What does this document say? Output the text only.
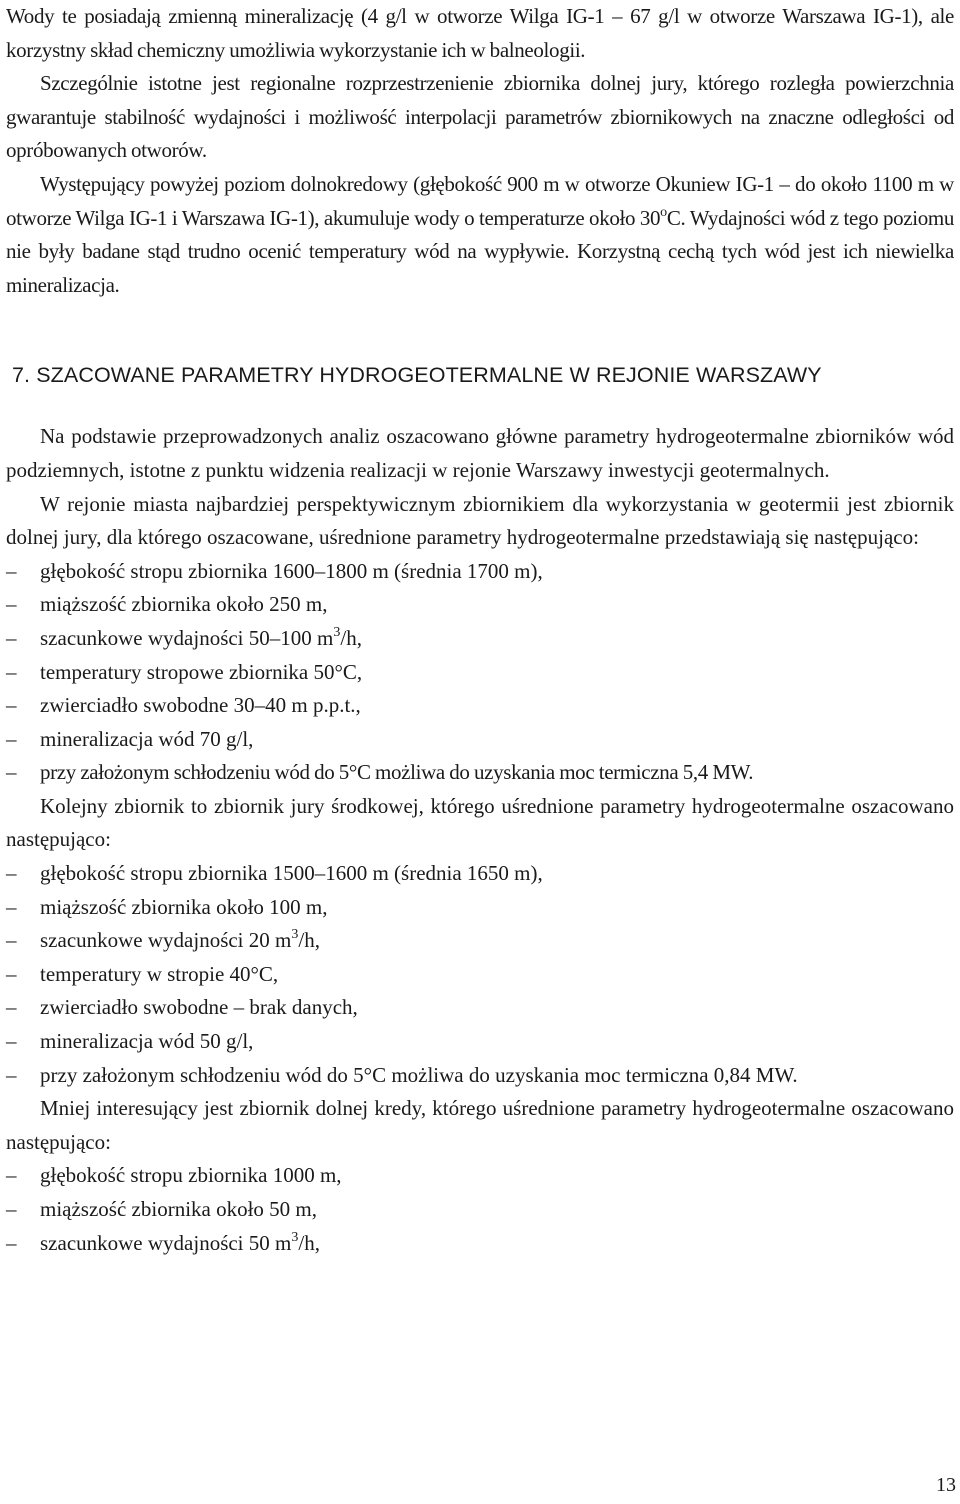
Wody te posiadają zmienną mineralizację (4 g/l w otworze Wilga IG-1 – 67 g/l w otworze Warszawa IG-1), ale korzystny skład chemiczny umożliwia wykorzystanie ich w balneologii.

Szczególnie istotne jest regionalne rozprzestrzenienie zbiornika dolnej jury, którego rozległa powierzchnia gwarantuje stabilność wydajności i możliwość interpolacji parametrów zbiornikowych na znaczne odległości od opróbowanych otworów.

Występujący powyżej poziom dolnokredowy (głębokość 900 m w otworze Okuniew IG-1 – do około 1100 m w otworze Wilga IG-1 i Warszawa IG-1), akumuluje wody o temperaturze około 30$^o$C. Wydajności wód z tego poziomu nie były badane stąd trudno ocenić temperatury wód na wypływie. Korzystną cechą tych wód jest ich niewielka mineralizacja.

7. SZACOWANE PARAMETRY HYDROGEOTERMALNE W REJONIE WARSZAWY

Na podstawie przeprowadzonych analiz oszacowano główne parametry hydrogeotermalne zbiorników wód podziemnych, istotne z punktu widzenia realizacji w rejonie Warszawy inwestycji geotermalnych.

W rejonie miasta najbardziej perspektywicznym zbiornikiem dla wykorzystania w geotermii jest zbiornik dolnej jury, dla którego oszacowane, uśrednione parametry hydrogeotermalne przedstawiają się następująco:

– głębokość stropu zbiornika 1600–1800 m (średnia 1700 m),
– miąższość zbiornika około 250 m,
– szacunkowe wydajności 50–100 $m^3/h$,
– temperatury stropowe zbiornika 50°C,
– zwierciadło swobodne 30–40 m p.p.t.,
– mineralizacja wód 70 g/l,
– przy założonym schłodzeniu wód do 5°C możliwa do uzyskania moc termiczna 5,4 MW.

Kolejny zbiornik to zbiornik jury środkowej, którego uśrednione parametry hydrogeotermalne oszacowano następująco:

– głębokość stropu zbiornika 1500–1600 m (średnia 1650 m),
– miąższość zbiornika około 100 m,
– szacunkowe wydajności 20 $m^3/h$,
– temperatury w stropie 40°C,
– zwierciadło swobodne – brak danych,
– mineralizacja wód 50 g/l,
– przy założonym schłodzeniu wód do 5°C możliwa do uzyskania moc termiczna 0,84 MW.

Mniej interesujący jest zbiornik dolnej kredy, którego uśrednione parametry hydrogeotermalne oszacowano następująco:

– głębokość stropu zbiornika 1000 m,
– miąższość zbiornika około 50 m,
– szacunkowe wydajności 50 $m^3/h$,
13
